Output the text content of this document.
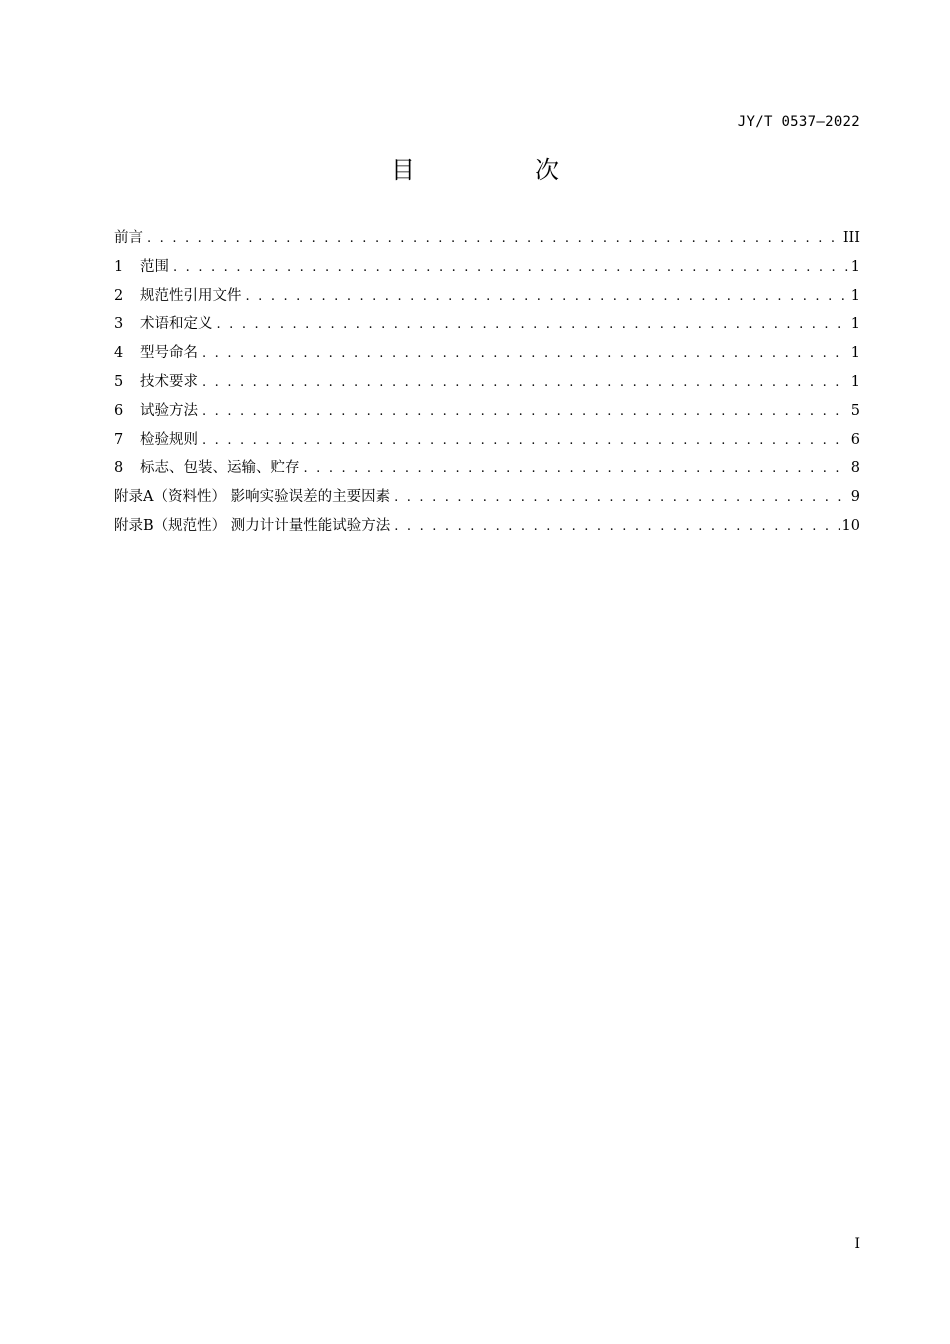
JY/T 0537—2022
目　次
前言 . . .	III
1	范围 . . .	1
2	规范性引用文件 . . .	1
3	术语和定义 . . .	1
4	型号命名 . . .	1
5	技术要求 . . .	1
6	试验方法 . . .	5
7	检验规则 . . .	6
8	标志、包装、运输、贮存 . . .	8
附录A（资料性） 影响实验误差的主要因素 . . .	9
附录B（规范性） 测力计计量性能试验方法 . . .	10
I
